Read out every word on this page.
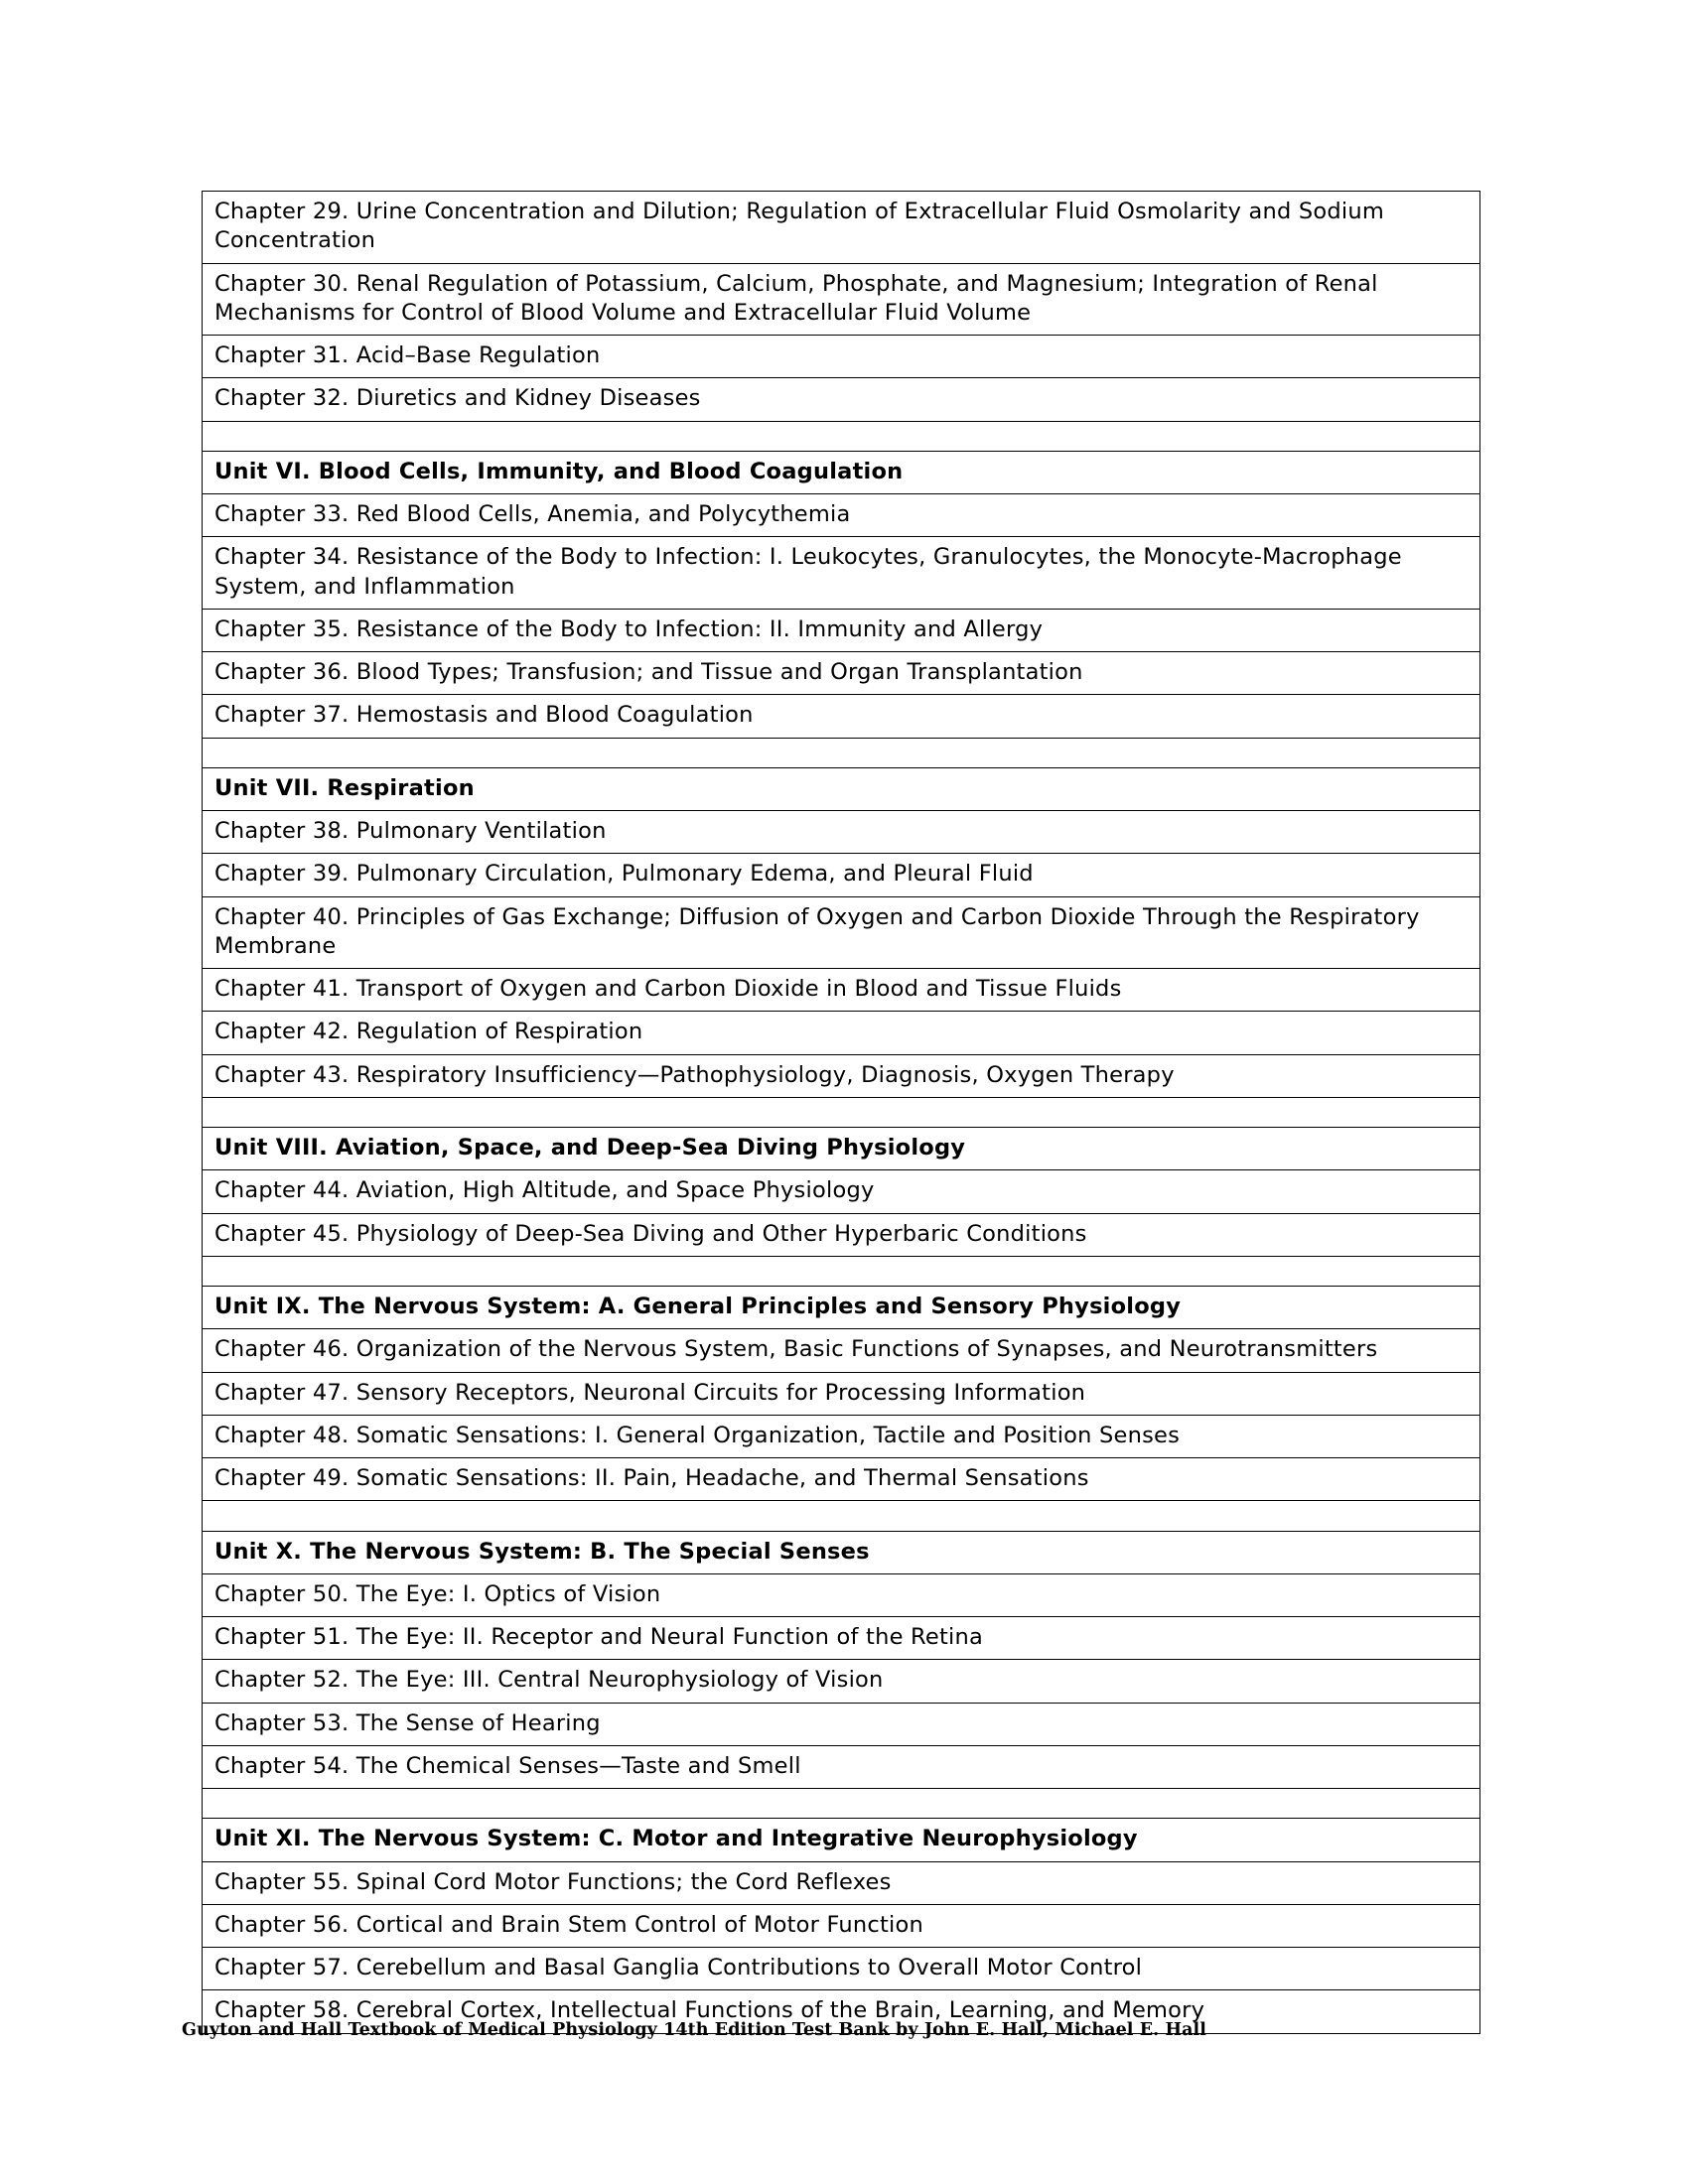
Chapter 29. Urine Concentration and Dilution; Regulation of Extracellular Fluid Osmolarity and Sodium Concentration
Chapter 30. Renal Regulation of Potassium, Calcium, Phosphate, and Magnesium; Integration of Renal Mechanisms for Control of Blood Volume and Extracellular Fluid Volume
Chapter 31. Acid–Base Regulation
Chapter 32. Diuretics and Kidney Diseases

Unit VI. Blood Cells, Immunity, and Blood Coagulation
Chapter 33. Red Blood Cells, Anemia, and Polycythemia
Chapter 34. Resistance of the Body to Infection: I. Leukocytes, Granulocytes, the Monocyte-Macrophage System, and Inflammation
Chapter 35. Resistance of the Body to Infection: II. Immunity and Allergy
Chapter 36. Blood Types; Transfusion; and Tissue and Organ Transplantation
Chapter 37. Hemostasis and Blood Coagulation

Unit VII. Respiration
Chapter 38. Pulmonary Ventilation
Chapter 39. Pulmonary Circulation, Pulmonary Edema, and Pleural Fluid
Chapter 40. Principles of Gas Exchange; Diffusion of Oxygen and Carbon Dioxide Through the Respiratory Membrane
Chapter 41. Transport of Oxygen and Carbon Dioxide in Blood and Tissue Fluids
Chapter 42. Regulation of Respiration
Chapter 43. Respiratory Insufficiency—Pathophysiology, Diagnosis, Oxygen Therapy

Unit VIII. Aviation, Space, and Deep-Sea Diving Physiology
Chapter 44. Aviation, High Altitude, and Space Physiology
Chapter 45. Physiology of Deep-Sea Diving and Other Hyperbaric Conditions

Unit IX. The Nervous System: A. General Principles and Sensory Physiology
Chapter 46. Organization of the Nervous System, Basic Functions of Synapses, and Neurotransmitters
Chapter 47. Sensory Receptors, Neuronal Circuits for Processing Information
Chapter 48. Somatic Sensations: I. General Organization, Tactile and Position Senses
Chapter 49. Somatic Sensations: II. Pain, Headache, and Thermal Sensations

Unit X. The Nervous System: B. The Special Senses
Chapter 50. The Eye: I. Optics of Vision
Chapter 51. The Eye: II. Receptor and Neural Function of the Retina
Chapter 52. The Eye: III. Central Neurophysiology of Vision
Chapter 53. The Sense of Hearing
Chapter 54. The Chemical Senses—Taste and Smell

Unit XI. The Nervous System: C. Motor and Integrative Neurophysiology
Chapter 55. Spinal Cord Motor Functions; the Cord Reflexes
Chapter 56. Cortical and Brain Stem Control of Motor Function
Chapter 57. Cerebellum and Basal Ganglia Contributions to Overall Motor Control
Chapter 58. Cerebral Cortex, Intellectual Functions of the Brain, Learning, and Memory
Guyton and Hall Textbook of Medical Physiology 14th Edition Test Bank by John E. Hall, Michael E. Hall
